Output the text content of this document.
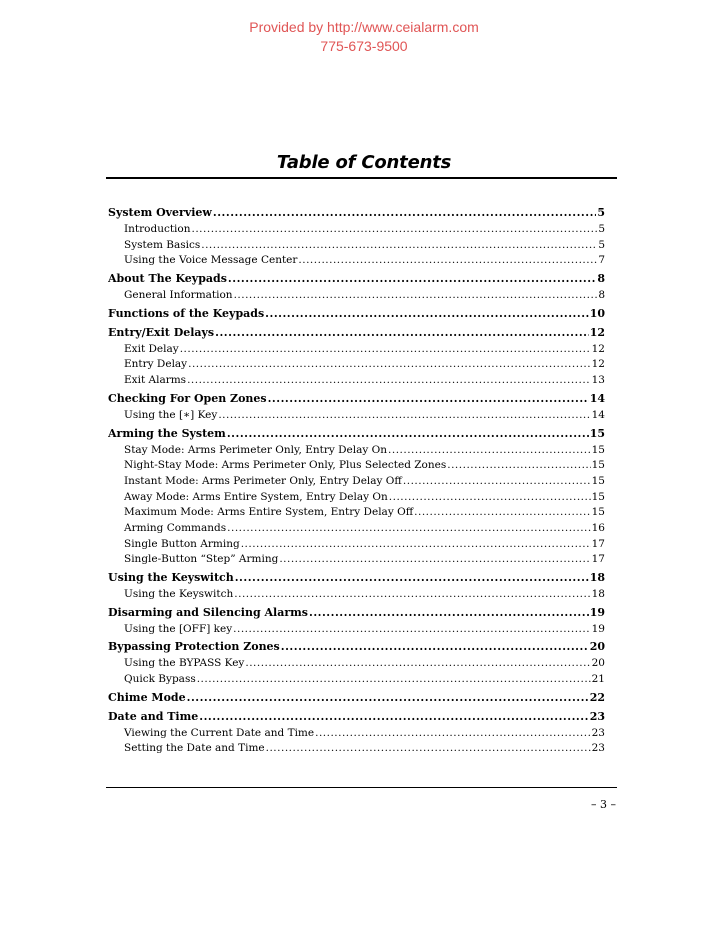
Provided by http://www.ceialarm.com
775-673-9500
Table of Contents
System Overview .....	5
Introduction .....	5
System Basics .....	5
Using the Voice Message Center .....	7
About The Keypads .....	8
General Information .....	8
Functions of the Keypads .....	10
Entry/Exit Delays .....	12
Exit Delay .....	12
Entry Delay .....	12
Exit Alarms .....	13
Checking For Open Zones .....	14
Using the [∗] Key .....	14
Arming the System .....	15
Stay Mode: Arms Perimeter Only, Entry Delay On .....	15
Night-Stay Mode: Arms Perimeter Only, Plus Selected Zones .....	15
Instant Mode: Arms Perimeter Only, Entry Delay Off .....	15
Away Mode: Arms Entire System, Entry Delay On .....	15
Maximum Mode: Arms Entire System, Entry Delay Off .....	15
Arming Commands .....	16
Single Button Arming .....	17
Single-Button “Step” Arming .....	17
Using the Keyswitch .....	18
Using the Keyswitch .....	18
Disarming and Silencing Alarms .....	19
Using the [OFF] key .....	19
Bypassing Protection Zones .....	20
Using the BYPASS Key .....	20
Quick Bypass .....	21
Chime Mode .....	22
Date and Time .....	23
Viewing the Current Date and Time .....	23
Setting the Date and Time .....	23
– 3 –
